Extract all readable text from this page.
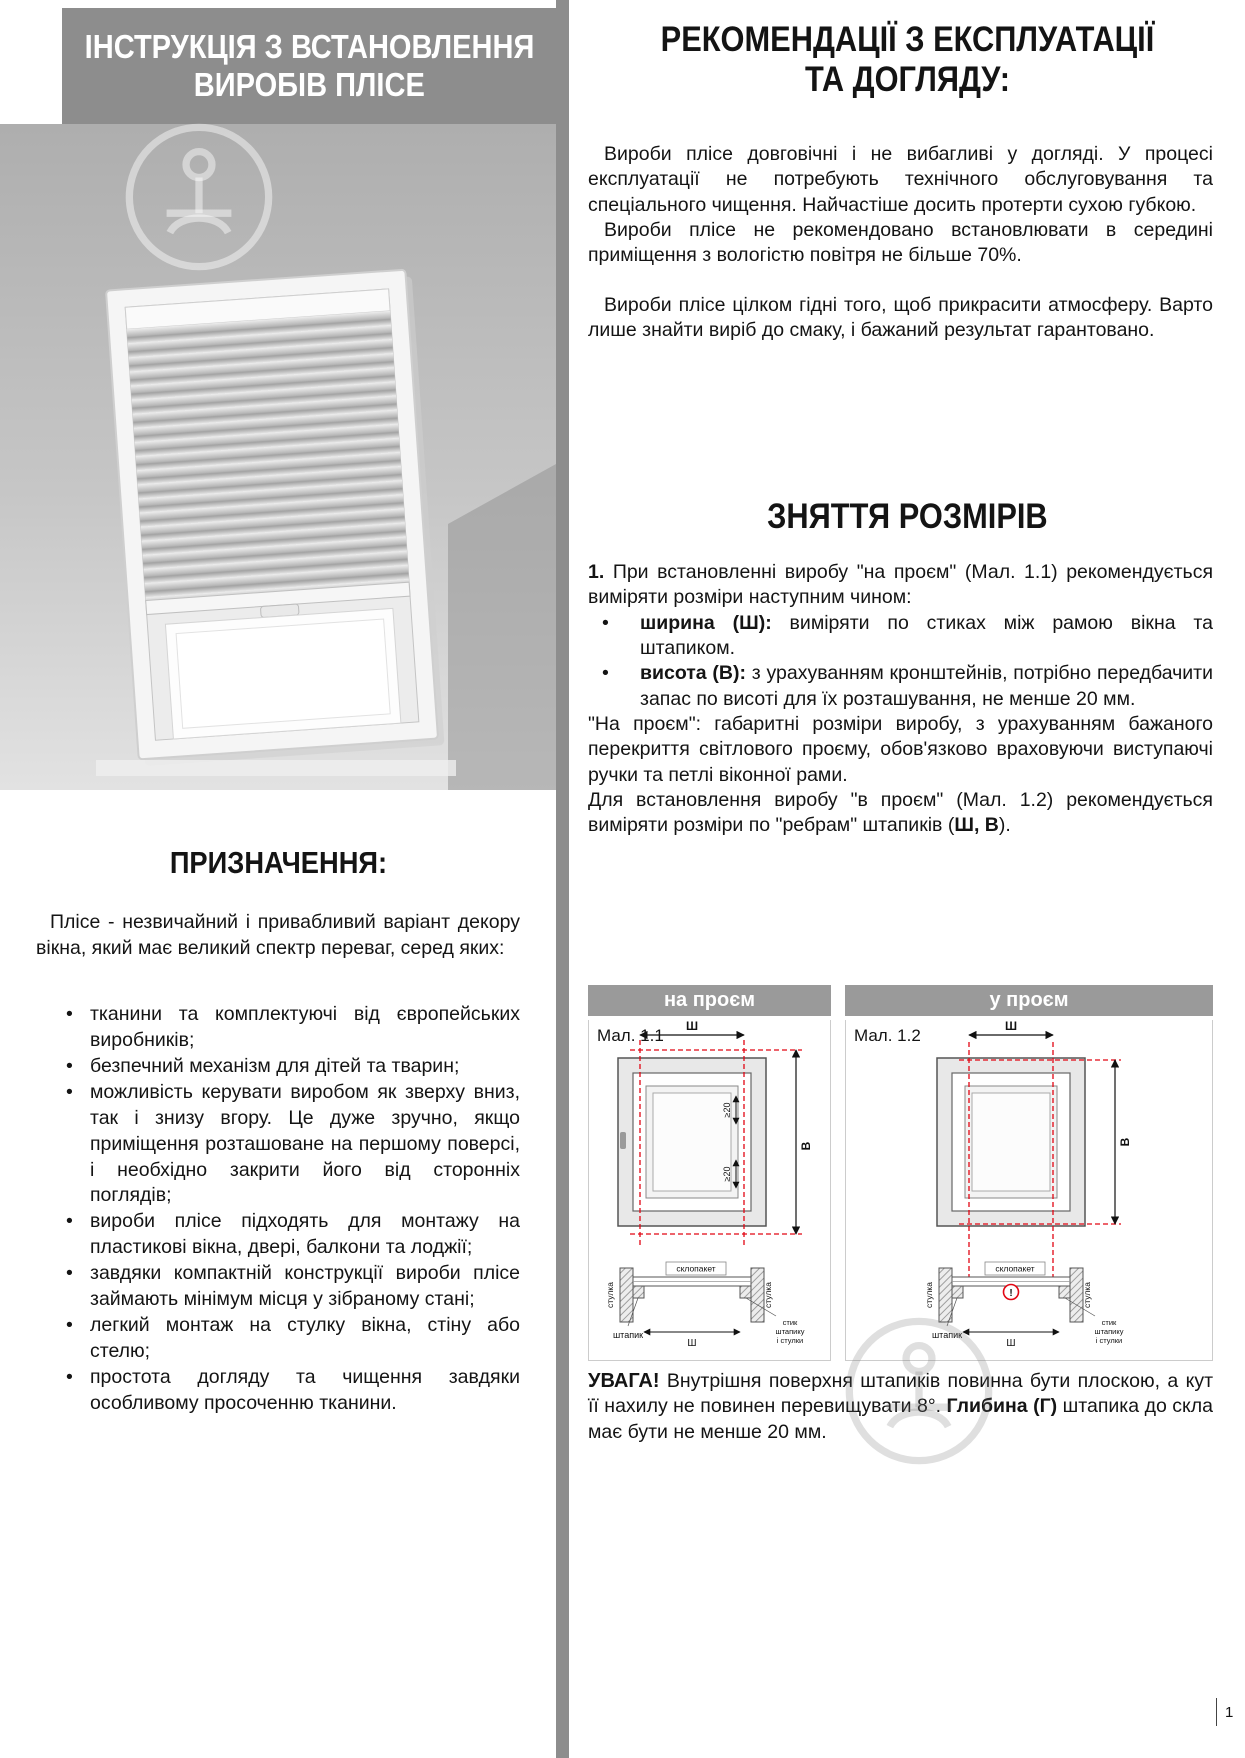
ІНСТРУКЦІЯ З ВСТАНОВЛЕННЯ
ВИРОБІВ ПЛІСЕ
ПРИЗНАЧЕННЯ:

Плісе - незвичайний і привабливий варіант декору вікна, який має великий спектр переваг, серед яких:

• тканини та комплектуючі від європейських виробників;
• безпечний механізм для дітей та тварин;
• можливість керувати виробом як зверху вниз, так і знизу вгору. Це дуже зручно, якщо приміщення розташоване на першому поверсі, і необхідно закрити його від сторонніх поглядів;
• вироби плісе підходять для монтажу на пластикові вікна, двері, балкони та лоджії;
• завдяки компактній конструкції вироби плісе займають мінімум місця у зібраному стані;
• легкий монтаж на стулку вікна, стіну або стелю;
• простота догляду та чищення завдяки особливому просоченню тканини.
РЕКОМЕНДАЦІЇ З ЕКСПЛУАТАЦІЇ
ТА ДОГЛЯДУ:

Вироби плісе довговічні і не вибагливі у догляді. У процесі експлуатації не потребують технічного обслуговування та спеціального чищення. Найчастіше досить протерти сухою губкою.

Вироби плісе не рекомендовано встановлювати в середині приміщення з вологістю повітря не більше 70%.

Вироби плісе цілком гідні того, щоб прикрасити атмосферу. Варто лише знайти виріб до смаку, і бажаний результат гарантовано.

ЗНЯТТЯ РОЗМІРІВ

1. При встановленні виробу "на проєм" (Мал. 1.1) рекомендується виміряти розміри наступним чином:

• ширина (Ш): виміряти по стиках між рамою вікна та штапиком.
• висота (В): з урахуванням кронштейнів, потрібно передбачити запас по висоті для їх розташування, не менше 20 мм.

"На проєм": габаритні розміри виробу, з урахуванням бажаного перекриття світлового проєму, обов'язково враховуючи виступаючі ручки та петлі віконної рами.

Для встановлення виробу "в проєм" (Мал. 1.2) рекомендується виміряти розміри по "ребрам" штапиків (Ш, В).

на проєм
Мал. 1.1 Ш
В
≥20
≥20
склопакет
стулка	стулка
штапик
Ш
стик
штапику
і стулки
у проєм
Мал. 1.2	Ш
В
склопакет
стулка	стулка
!
штапик
Ш
стик
штапику
і стулки

УВАГА! Внутрішня поверхня штапиків повинна бути плоскою, а кут її нахилу не повинен перевищувати 8°. Глибина (Г) штапика до скла має бути не менше 20 мм.

1
